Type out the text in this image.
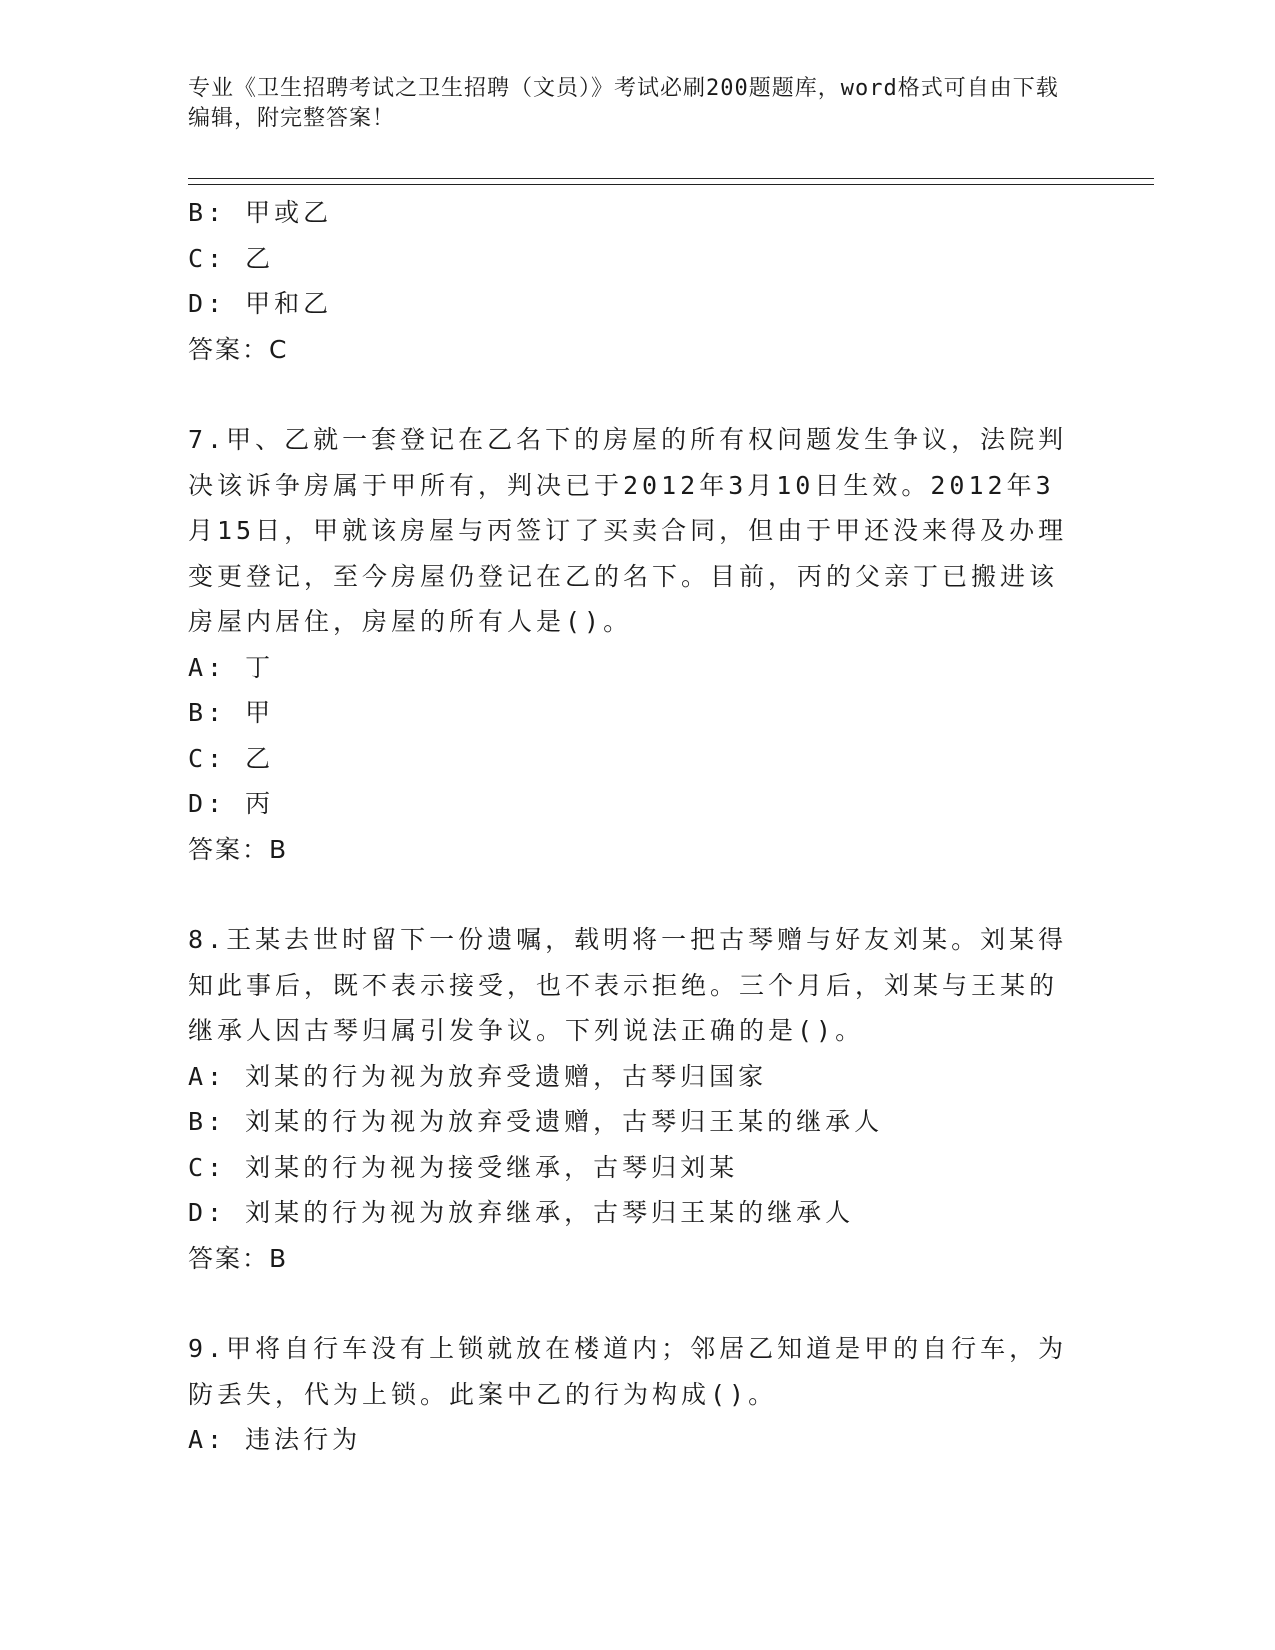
专业《卫生招聘考试之卫生招聘（文员）》考试必刷200题题库，word格式可自由下载编辑，附完整答案！
B: 甲或乙
C: 乙
D: 甲和乙
答案：C
7.甲、乙就一套登记在乙名下的房屋的所有权问题发生争议，法院判
决该诉争房属于甲所有，判决已于2012年3月10日生效。2012年3
月15日，甲就该房屋与丙签订了买卖合同，但由于甲还没来得及办理
变更登记，至今房屋仍登记在乙的名下。目前，丙的父亲丁已搬进该
房屋内居住，房屋的所有人是()。
A: 丁
B: 甲
C: 乙
D: 丙
答案：B
8.王某去世时留下一份遗嘱，载明将一把古琴赠与好友刘某。刘某得
知此事后，既不表示接受，也不表示拒绝。三个月后，刘某与王某的
继承人因古琴归属引发争议。下列说法正确的是()。
A: 刘某的行为视为放弃受遗赠，古琴归国家
B: 刘某的行为视为放弃受遗赠，古琴归王某的继承人
C: 刘某的行为视为接受继承，古琴归刘某
D: 刘某的行为视为放弃继承，古琴归王某的继承人
答案：B
9.甲将自行车没有上锁就放在楼道内；邻居乙知道是甲的自行车，为
防丢失，代为上锁。此案中乙的行为构成()。
A: 违法行为
